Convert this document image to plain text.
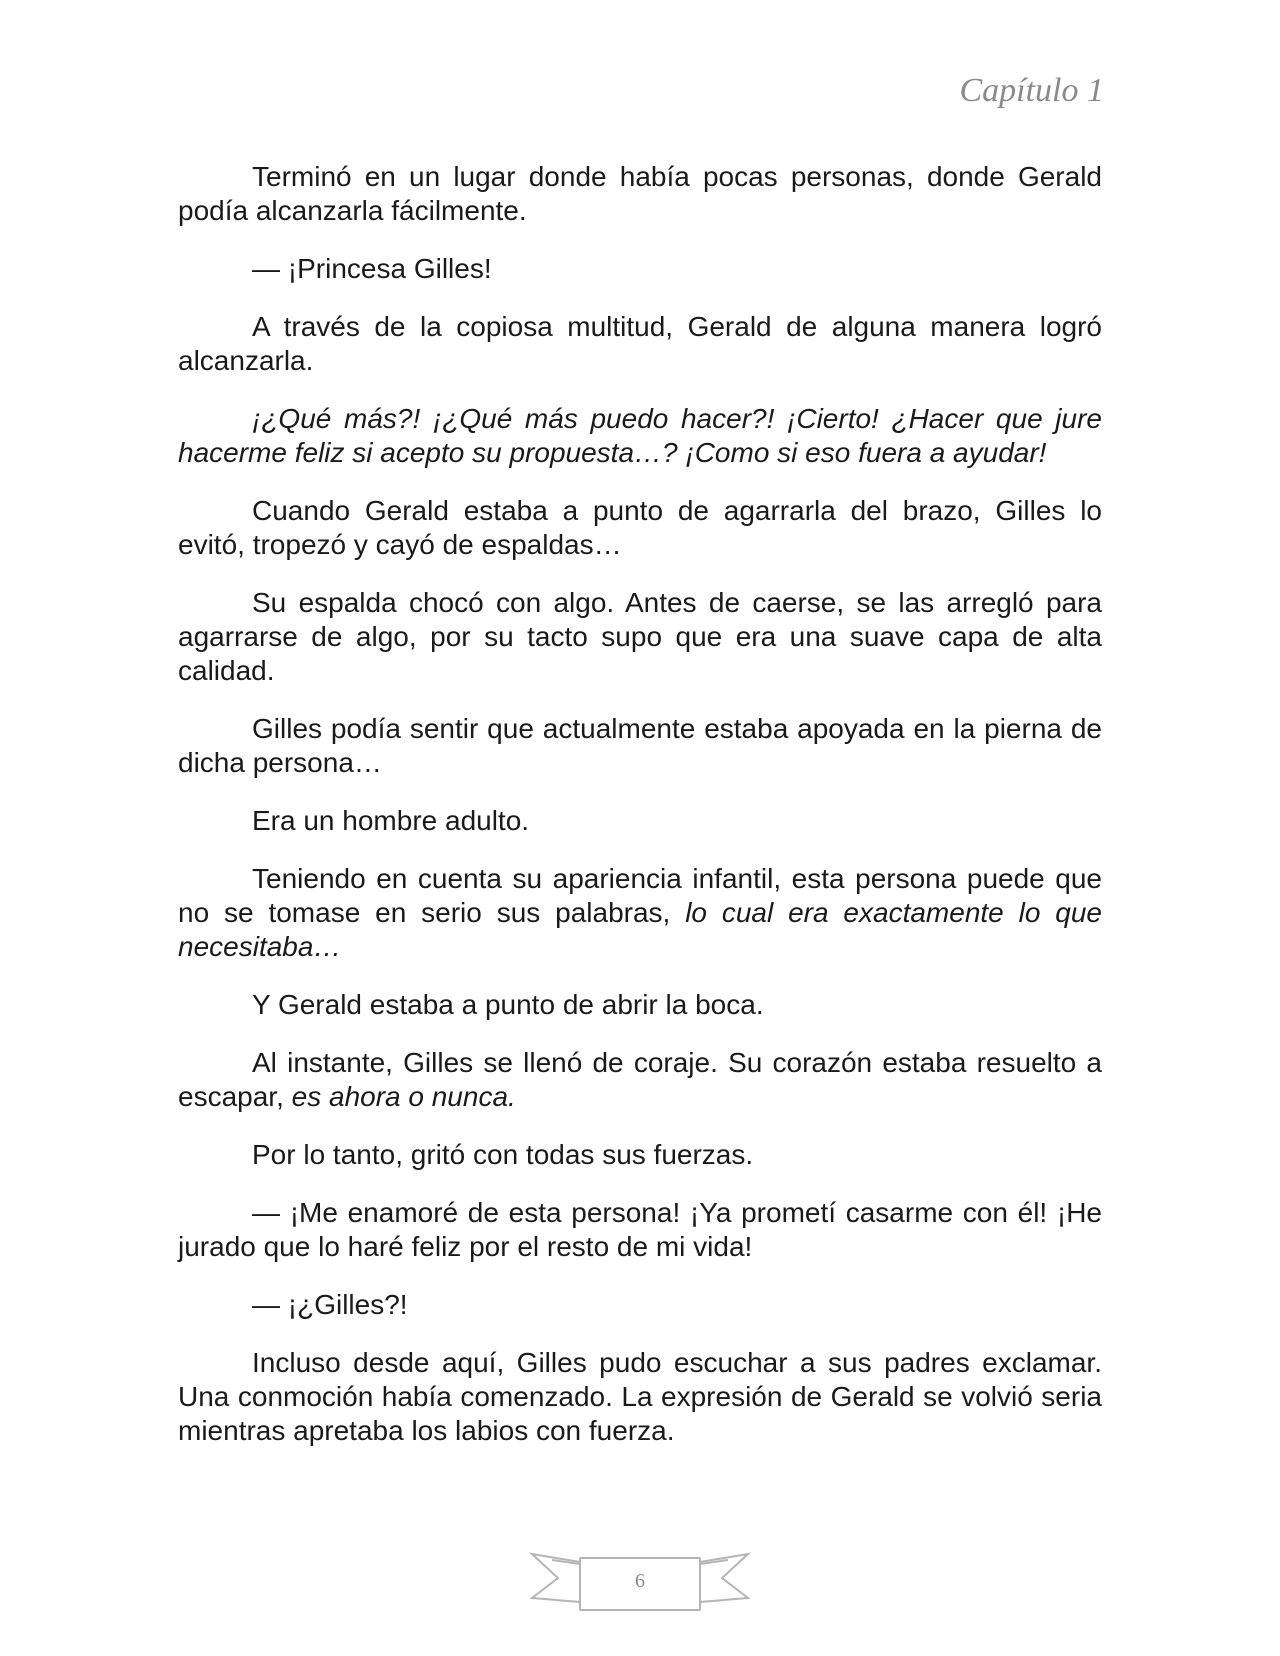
Capítulo 1

Terminó en un lugar donde había pocas personas, donde Gerald podía alcanzarla fácilmente.

— ¡Princesa Gilles!

A través de la copiosa multitud, Gerald de alguna manera logró alcanzarla.

¡¿Qué más?! ¡¿Qué más puedo hacer?! ¡Cierto! ¿Hacer que jure hacerme feliz si acepto su propuesta…? ¡Como si eso fuera a ayudar!

Cuando Gerald estaba a punto de agarrarla del brazo, Gilles lo evitó, tropezó y cayó de espaldas…

Su espalda chocó con algo. Antes de caerse, se las arregló para agarrarse de algo, por su tacto supo que era una suave capa de alta calidad.

Gilles podía sentir que actualmente estaba apoyada en la pierna de dicha persona…

Era un hombre adulto.

Teniendo en cuenta su apariencia infantil, esta persona puede que no se tomase en serio sus palabras, lo cual era exactamente lo que necesitaba…

Y Gerald estaba a punto de abrir la boca.

Al instante, Gilles se llenó de coraje. Su corazón estaba resuelto a escapar, es ahora o nunca.

Por lo tanto, gritó con todas sus fuerzas.

— ¡Me enamoré de esta persona! ¡Ya prometí casarme con él! ¡He jurado que lo haré feliz por el resto de mi vida!

— ¡¿Gilles?!

Incluso desde aquí, Gilles pudo escuchar a sus padres exclamar. Una conmoción había comenzado. La expresión de Gerald se volvió seria mientras apretaba los labios con fuerza.

6
